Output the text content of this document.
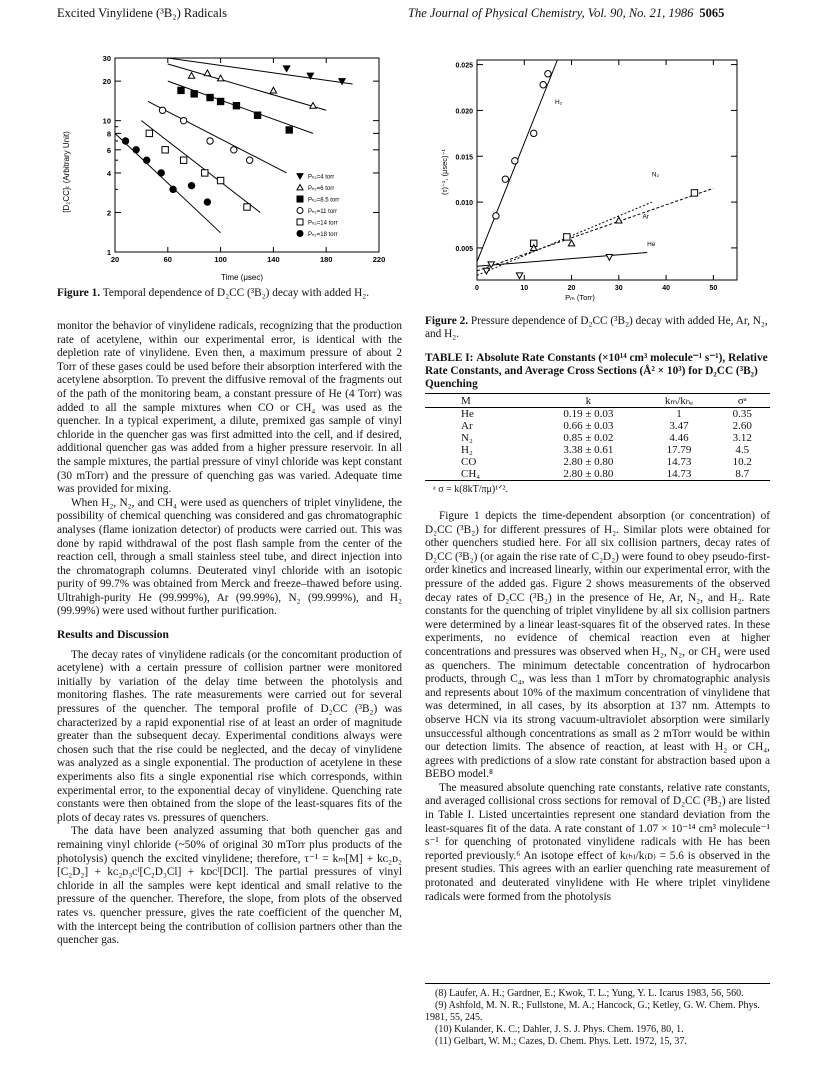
Excited Vinylidene (³B₂) Radicals	The Journal of Physical Chemistry, Vol. 90, No. 21, 1986 5065
20	60	100	140	180	220
1
2
4
6
8
10
20
30
Pₕ₂=4 torr
Pₕ₂=6 torr
Pₕ₂=8.5 torr
Pₕ₂=11 torr
Pₕ₂=14 torr
Pₕ₂=18 torr
Time (μsec)
[D₂CC]ₜ (Arbitrary Unit)
Figure 1. Temporal dependence of D₂CC (³B₂) decay with added H₂.	0	10	20	30	40	50
0.005
0.010
0.015
0.020
0.025
H₂
N₂
Ar
He
Pₘ (Torr)
(τ)⁻¹, (μsec)⁻¹
Figure 2. Pressure dependence of D₂CC (³B₂) decay with added He, Ar, N₂, and H₂.

monitor the behavior of vinylidene radicals, recognizing that the production rate of acetylene, within our experimental error, is identical with the depletion rate of vinylidene. Even then, a maximum pressure of about 2 Torr of these gases could be used before their absorption interfered with the acetylene absorption. To prevent the diffusive removal of the fragments out of the path of the monitoring beam, a constant pressure of He (4 Torr) was added to all the sample mixtures when CO or CH₄ was used as the quencher. In a typical experiment, a dilute, premixed gas sample of vinyl chloride in the quencher gas was first admitted into the cell, and if desired, additional quencher gas was added from a higher pressure reservoir. In all the sample mixtures, the partial pressure of vinyl chloride was kept constant (30 mTorr) and the pressure of quenching gas was varied. Adequate time was provided for mixing.

When H₂, N₂, and CH₄ were used as quenchers of triplet vinylidene, the possibility of chemical quenching was considered and gas chromatographic analyses (flame ionization detector) of products were carried out. This was done by rapid withdrawal of the post flash sample from the center of the reaction cell, through a small stainless steel tube, and direct injection into the chromatograph columns. Deuterated vinyl chloride with an isotopic purity of 99.7% was obtained from Merck and freeze–thawed before using. Ultrahigh-purity He (99.999%), Ar (99.99%), N₂ (99.999%), and H₂ (99.99%) were used without further purification.

Results and Discussion

The decay rates of vinylidene radicals (or the concomitant production of acetylene) with a certain pressure of collision partner were monitored initially by variation of the delay time between the photolysis and monitoring flashes. The rate measurements were carried out for several pressures of the quencher. The temporal profile of D₂CC (³B₂) was characterized by a rapid exponential rise of at least an order of magnitude greater than the subsequent decay. Experimental conditions always were chosen such that the rise could be neglected, and the decay of vinylidene was analyzed as a single exponential. The production of acetylene in these experiments also fits a single exponential rise which corresponds, within experimental error, to the exponential decay of vinylidene. Quenching rate constants were then obtained from the slope of the least-squares fits of the plots of decay rates vs. pressures of quenchers.

The data have been analyzed assuming that both quencher gas and remaining vinyl chloride (~50% of original 30 mTorr plus products of the photolysis) quench the excited vinylidene; therefore, τ⁻¹ = kₘ[M] + kᴄ₂ᴅ₂ [C₂D₂] + kᴄ₂ᴅ₃ᴄˡ[C₂D₃Cl] + kᴅᴄˡ[DCl]. The partial pressures of vinyl chloride in all the samples were kept identical and small relative to the pressure of the quencher. Therefore, the slope, from plots of the observed rates vs. quencher pressure, gives the rate coefficient of the quencher M, with the intercept being the contribution of collision partners other than the quencher gas.

TABLE I: Absolute Rate Constants (×10¹⁴ cm³ molecule⁻¹ s⁻¹), Relative Rate Constants, and Average Cross Sections (Å² × 10³) for D₂CC (³B₂) Quenching
M	k	kₘ/kₕₑ	σᵃ
He	0.19 ± 0.03	1	0.35
Ar	0.66 ± 0.03	3.47	2.60
N₂	0.85 ± 0.02	4.46	3.12
H₂	3.38 ± 0.61	17.79	4.5
CO	2.80 ± 0.80	14.73	10.2
CH₄	2.80 ± 0.80	14.73	8.7
ᵃ σ = k(8kT/πμ)¹ᐟ².

Figure 1 depicts the time-dependent absorption (or concentration) of D₂CC (³B₂) for different pressures of H₂. Similar plots were obtained for other quenchers studied here. For all six collision partners, decay rates of D₂CC (³B₂) (or again the rise rate of C₂D₂) were found to obey pseudo-first-order kinetics and increased linearly, within our experimental error, with the pressure of the added gas. Figure 2 shows measurements of the observed decay rates of D₂CC (³B₂) in the presence of He, Ar, N₂, and H₂. Rate constants for the quenching of triplet vinylidene by all six collision partners were determined by a linear least-squares fit of the observed rates. In these experiments, no evidence of chemical reaction even at higher concentrations and pressures was observed when H₂, N₂, or CH₄ were used as quenchers. The minimum detectable concentration of hydrocarbon products, through C₄, was less than 1 mTorr by chromatographic analysis and represents about 10% of the maximum concentration of vinylidene that was determined, in all cases, by its absorption at 137 nm. Attempts to observe HCN via its strong vacuum-ultraviolet absorption were similarly unsuccessful although concentrations as small as 2 mTorr would be within our detection limits. The absence of reaction, at least with H₂ or CH₄, agrees with predictions of a slow rate constant for abstraction based upon a BEBO model.⁸

The measured absolute quenching rate constants, relative rate constants, and averaged collisional cross sections for removal of D₂CC (³B₂) are listed in Table I. Listed uncertainties represent one standard deviation from the least-squares fit of the data. A rate constant of 1.07 × 10⁻¹⁴ cm³ molecule⁻¹ s⁻¹ for quenching of protonated vinylidene radicals with He has been reported previously.⁶ An isotope effect of k₍ₕ₎/k₍ᴅ₎ = 5.6 is observed in the present studies. This agrees with an earlier quenching rate measurement of protonated and deuterated vinylidene with He where triplet vinylidene radicals were formed from the photolysis

(8) Laufer, A. H.; Gardner, E.; Kwok, T. L.; Yung, Y. L. Icarus 1983, 56, 560.

(9) Ashfold, M. N. R.; Fullstone, M. A.; Hancock, G.; Ketley, G. W. Chem. Phys. 1981, 55, 245.

(10) Kulander, K. C.; Dahler, J. S. J. Phys. Chem. 1976, 80, 1.

(11) Gelbart, W. M.; Cazes, D. Chem. Phys. Lett. 1972, 15, 37.
